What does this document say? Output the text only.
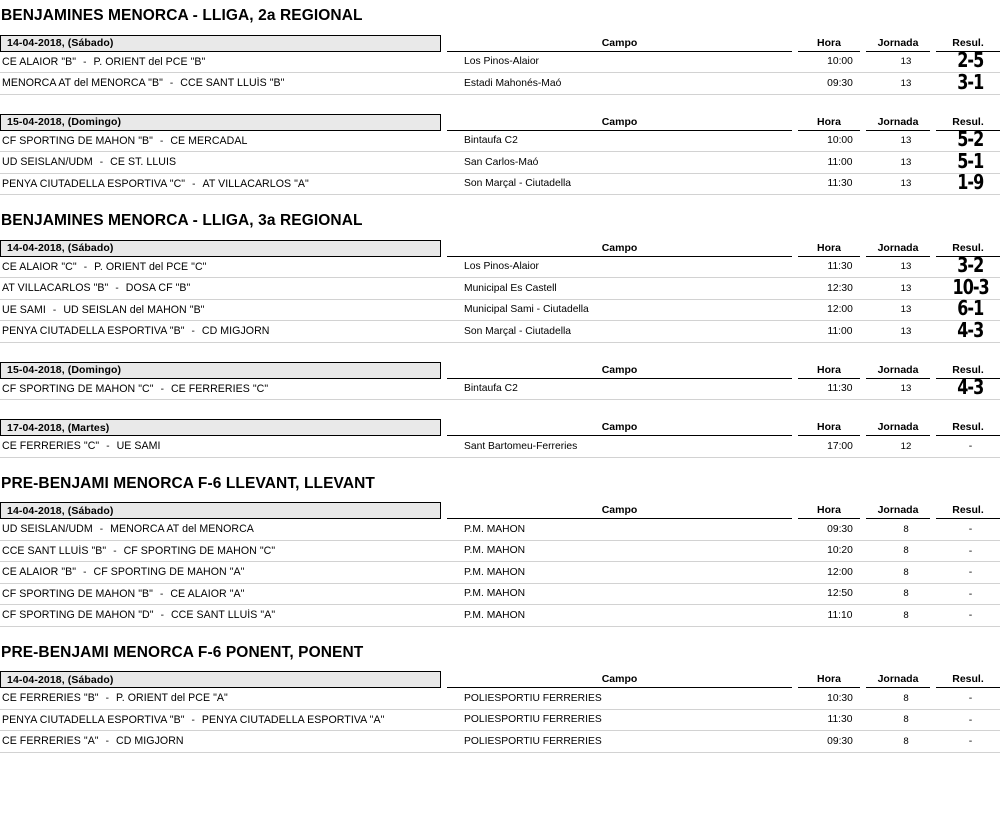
BENJAMINES MENORCA - LLIGA, 2a REGIONAL
14-04-2018, (Sábado)	Campo	Hora	Jornada	Resul.
CE ALAIOR "B" - P. ORIENT del PCE "B"	Los Pinos-Alaior	10:00	13	2-5
MENORCA AT del MENORCA "B" - CCE SANT LLUÍS "B"	Estadi Mahonés-Maó	09:30	13	3-1
15-04-2018, (Domingo)	Campo	Hora	Jornada	Resul.
CF SPORTING DE MAHON "B" - CE MERCADAL	Bintaufa C2	10:00	13	5-2
UD SEISLAN/UDM - CE ST. LLUIS	San Carlos-Maó	11:00	13	5-1
PENYA CIUTADELLA ESPORTIVA "C" - AT VILLACARLOS "A"	Son Marçal - Ciutadella	11:30	13	1-9
BENJAMINES MENORCA - LLIGA, 3a REGIONAL
14-04-2018, (Sábado)	Campo	Hora	Jornada	Resul.
CE ALAIOR "C" - P. ORIENT del PCE "C"	Los Pinos-Alaior	11:30	13	3-2
AT VILLACARLOS "B" - DOSA CF "B"	Municipal Es Castell	12:30	13	10-3
UE SAMI - UD SEISLAN del MAHON "B"	Municipal Sami - Ciutadella	12:00	13	6-1
PENYA CIUTADELLA ESPORTIVA "B" - CD MIGJORN	Son Marçal - Ciutadella	11:00	13	4-3
15-04-2018, (Domingo)	Campo	Hora	Jornada	Resul.
CF SPORTING DE MAHON "C" - CE FERRERIES "C"	Bintaufa C2	11:30	13	4-3
17-04-2018, (Martes)	Campo	Hora	Jornada	Resul.
CE FERRERIES "C" - UE SAMI	Sant Bartomeu-Ferreries	17:00	12	-
PRE-BENJAMI MENORCA F-6 LLEVANT, LLEVANT
14-04-2018, (Sábado)	Campo	Hora	Jornada	Resul.
UD SEISLAN/UDM - MENORCA AT del MENORCA	P.M. MAHON	09:30	8	-
CCE SANT LLUÍS "B" - CF SPORTING DE MAHON "C"	P.M. MAHON	10:20	8	-
CE ALAIOR "B" - CF SPORTING DE MAHON "A"	P.M. MAHON	12:00	8	-
CF SPORTING DE MAHON "B" - CE ALAIOR "A"	P.M. MAHON	12:50	8	-
CF SPORTING DE MAHON "D" - CCE SANT LLUÍS "A"	P.M. MAHON	11:10	8	-
PRE-BENJAMI MENORCA F-6 PONENT, PONENT
14-04-2018, (Sábado)	Campo	Hora	Jornada	Resul.
CE FERRERIES "B" - P. ORIENT del PCE "A"	POLIESPORTIU FERRERIES	10:30	8	-
PENYA CIUTADELLA ESPORTIVA "B" - PENYA CIUTADELLA ESPORTIVA "A"	POLIESPORTIU FERRERIES	11:30	8	-
CE FERRERIES "A" - CD MIGJORN	POLIESPORTIU FERRERIES	09:30	8	-
